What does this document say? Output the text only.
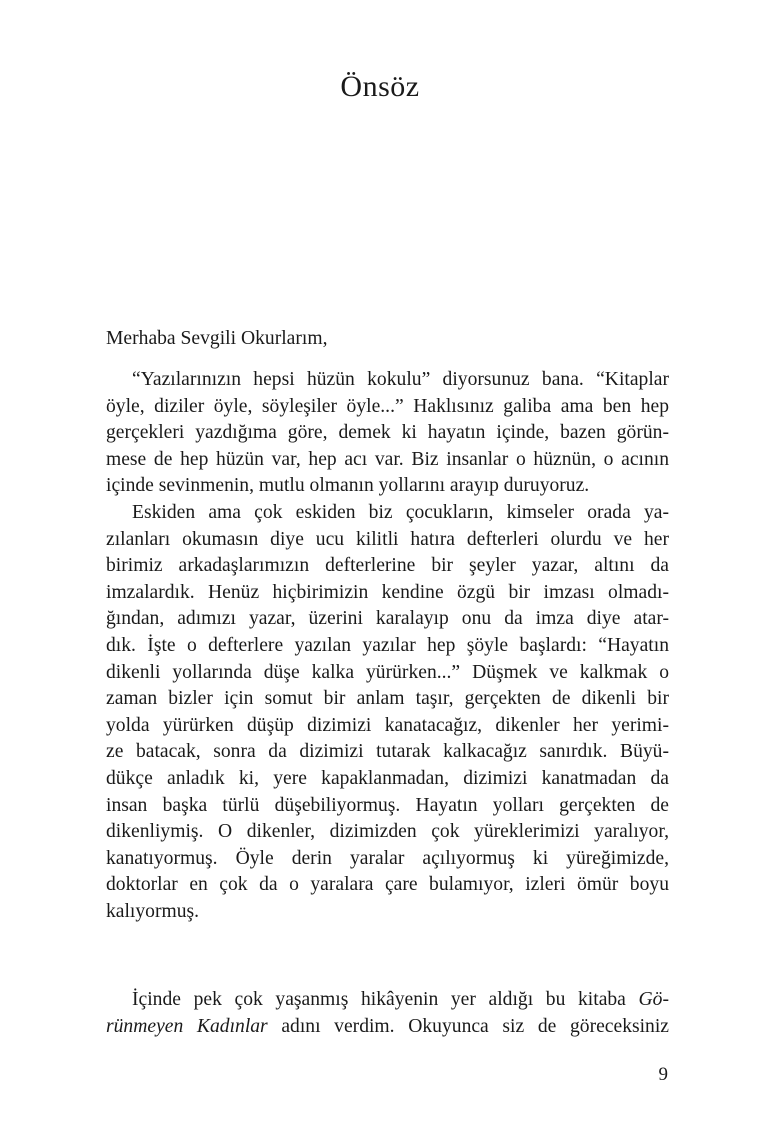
Önsöz
Merhaba Sevgili Okurlarım,
“Yazılarınızın hepsi hüzün kokulu” diyorsunuz bana. “Kitaplar
öyle, diziler öyle, söyleşiler öyle...” Haklısınız galiba ama ben hep
gerçekleri yazdığıma göre, demek ki hayatın içinde, bazen görün-
mese de hep hüzün var, hep acı var. Biz insanlar o hüznün, o acının
içinde sevinmenin, mutlu olmanın yollarını arayıp duruyoruz.
Eskiden ama çok eskiden biz çocukların, kimseler orada ya-
zılanları okumasın diye ucu kilitli hatıra defterleri olurdu ve her
birimiz arkadaşlarımızın defterlerine bir şeyler yazar, altını da
imzalardık. Henüz hiçbirimizin kendine özgü bir imzası olmadı-
ğından, adımızı yazar, üzerini karalayıp onu da imza diye atar-
dık. İşte o defterlere yazılan yazılar hep şöyle başlardı: “Hayatın
dikenli yollarında düşe kalka yürürken...” Düşmek ve kalkmak o
zaman bizler için somut bir anlam taşır, gerçekten de dikenli bir
yolda yürürken düşüp dizimizi kanatacağız, dikenler her yerimi-
ze batacak, sonra da dizimizi tutarak kalkacağız sanırdık. Büyü-
dükçe anladık ki, yere kapaklanmadan, dizimizi kanatmadan da
insan başka türlü düşebiliyormuş. Hayatın yolları gerçekten de
dikenliymiş. O dikenler, dizimizden çok yüreklerimizi yaralıyor,
kanatıyormuş. Öyle derin yaralar açılıyormuş ki yüreğimizde,
doktorlar en çok da o yaralara çare bulamıyor, izleri ömür boyu
kalıyormuş.
İçinde pek çok yaşanmış hikâyenin yer aldığı bu kitaba Gö-
rünmeyen Kadınlar adını verdim. Okuyunca siz de göreceksiniz
9
